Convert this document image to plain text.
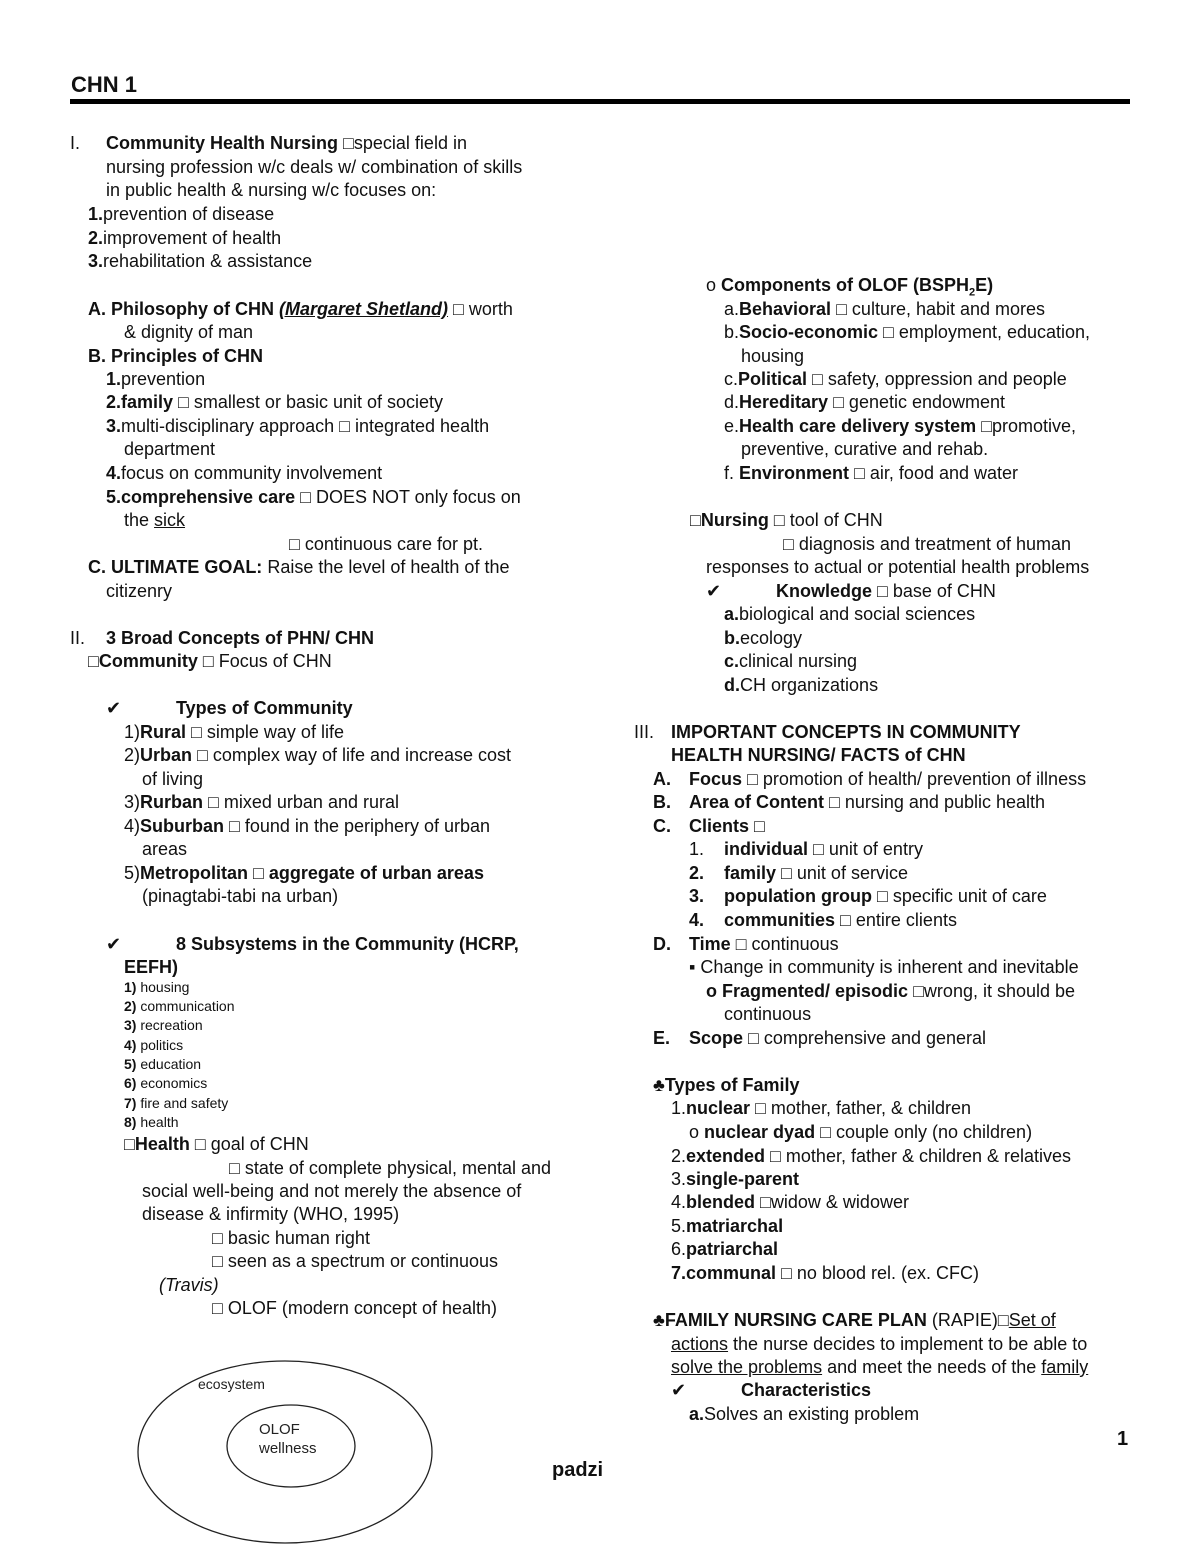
CHN 1
I. Community Health Nursing □special field in
nursing profession w/c deals w/ combination of skills
in public health & nursing w/c focuses on:
1.prevention of disease
2.improvement of health
3.rehabilitation & assistance
A. Philosophy of CHN (Margaret Shetland) □ worth
& dignity of man
B. Principles of CHN
1.prevention
2.family □ smallest or basic unit of society
3.multi-disciplinary approach □ integrated health
department
4.focus on community involvement
5.comprehensive care □ DOES NOT only focus on
the sick
□ continuous care for pt.
C. ULTIMATE GOAL: Raise the level of health of the
citizenry
II. 3 Broad Concepts of PHN/ CHN
□Community □ Focus of CHN
✔	Types of Community
1)Rural □ simple way of life
2)Urban □ complex way of life and increase cost
of living
3)Rurban □ mixed urban and rural
4)Suburban □ found in the periphery of urban
areas
5)Metropolitan □ aggregate of urban areas
(pinagtabi-tabi na urban)
✔	8 Subsystems in the Community (HCRP,
EEFH)
1) housing
2) communication
3) recreation
4) politics
5) education
6) economics
7) fire and safety
8) health
□Health □ goal of CHN
□ state of complete physical, mental and
social well-being and not merely the absence of
disease & infirmity (WHO, 1995)
□ basic human right
□ seen as a spectrum or continuous
(Travis)
□ OLOF (modern concept of health)
ecosystem
OLOF
wellness
o Components of OLOF $(BSPH_2E)$
a.Behavioral □ culture, habit and mores
b.Socio-economic □ employment, education,
housing
c.Political □ safety, oppression and people
d.Hereditary □ genetic endowment
e.Health care delivery system □promotive,
preventive, curative and rehab.
f. Environment □ air, food and water
□Nursing □ tool of CHN
□ diagnosis and treatment of human
responses to actual or potential health problems
✔	Knowledge □ base of CHN
a.biological and social sciences
b.ecology
c.clinical nursing
d.CH organizations
III. IMPORTANT CONCEPTS IN COMMUNITY
HEALTH NURSING/ FACTS of CHN
A. Focus □ promotion of health/ prevention of illness
B. Area of Content □ nursing and public health
C. Clients □
1. individual □ unit of entry
2. family □ unit of service
3. population group □ specific unit of care
4. communities □ entire clients
D. Time □ continuous
▪ Change in community is inherent and inevitable
o Fragmented/ episodic □wrong, it should be
continuous
E. Scope □ comprehensive and general
♣Types of Family
1.nuclear □ mother, father, & children
o nuclear dyad □ couple only (no children)
2.extended □ mother, father & children & relatives
3.single-parent
4.blended □widow & widower
5.matriarchal
6.patriarchal
7.communal □ no blood rel. (ex. CFC)
♣FAMILY NURSING CARE PLAN (RAPIE)□Set of
actions the nurse decides to implement to be able to
solve the problems and meet the needs of the family
✔	Characteristics
a.Solves an existing problem
1
padzi
